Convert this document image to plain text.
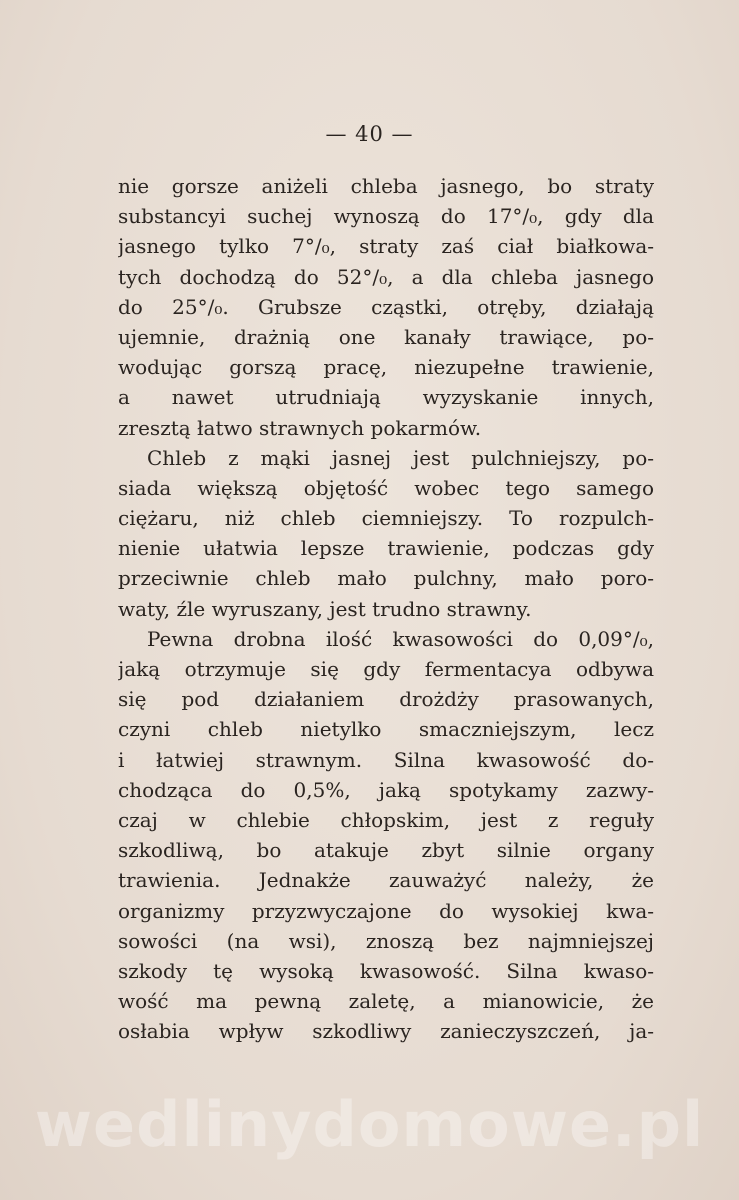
— 40 —
nie gorsze aniżeli chleba jasnego, bo straty
substancyi suchej wynoszą do 17°/₀, gdy dla
jasnego tylko 7°/₀, straty zaś ciał białkowa-
tych dochodzą do 52°/₀, a dla chleba jasnego
do 25°/₀. Grubsze cząstki, otręby, działają
ujemnie, drażnią one kanały trawiące, po-
wodując gorszą pracę, niezupełne trawienie,
a nawet utrudniają wyzyskanie innych,
zresztą łatwo strawnych pokarmów.
Chleb z mąki jasnej jest pulchniejszy, po-
siada większą objętość wobec tego samego
ciężaru, niż chleb ciemniejszy. To rozpulch-
nienie ułatwia lepsze trawienie, podczas gdy
przeciwnie chleb mało pulchny, mało poro-
waty, źle wyruszany, jest trudno strawny.
Pewna drobna ilość kwasowości do 0,09°/₀,
jaką otrzymuje się gdy fermentacya odbywa
się pod działaniem drożdży prasowanych,
czyni chleb nietylko smaczniejszym, lecz
i łatwiej strawnym. Silna kwasowość do-
chodząca do 0,5%, jaką spotykamy zazwy-
czaj w chlebie chłopskim, jest z reguły
szkodliwą, bo atakuje zbyt silnie organy
trawienia. Jednakże zauważyć należy, że
organizmy przyzwyczajone do wysokiej kwa-
sowości (na wsi), znoszą bez najmniejszej
szkody tę wysoką kwasowość. Silna kwaso-
wość ma pewną zaletę, a mianowicie, że
osłabia wpływ szkodliwy zanieczyszczeń, ja-
wedlinydomowe.pl
